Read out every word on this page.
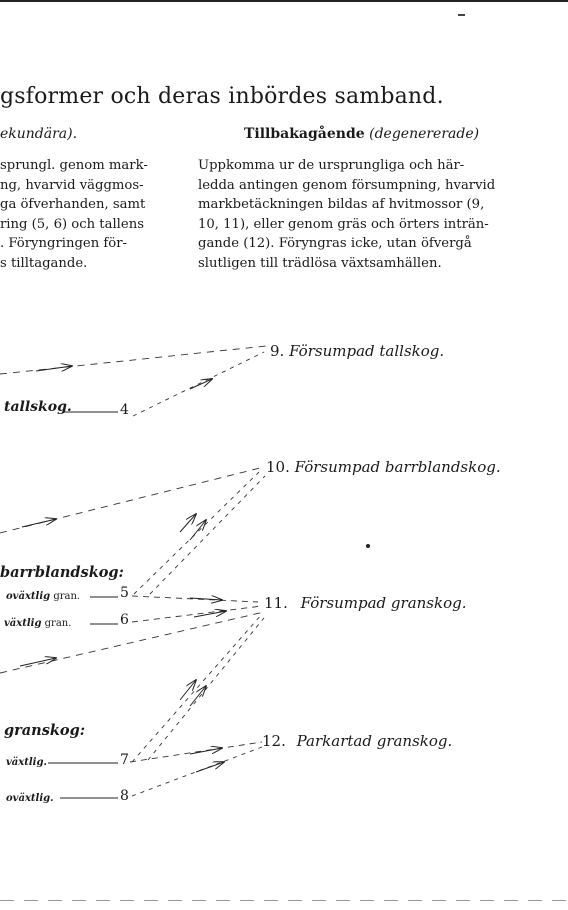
gsformer och deras inbördes samband.
ekundära).	Tillbakagående (degenererade)
sprungl. genom mark-
ng, hvarvid väggmos-
ga öfverhanden, samt
ring (5, 6) och tallens
. Föryngringen för-
s tilltagande.
Uppkomma ur de ursprungliga och här-
ledda antingen genom försumpning, hvarvid
markbetäckningen bildas af hvitmossor (9,
10, 11), eller genom gräs och örters inträn-
gande (12). Föryngras icke, utan öfvergå
slutligen till trädlösa växtsamhällen.
9. Försumpad tallskog.
10. Försumpad barrblandskog.
11. Försumpad granskog.
12. Parkartad granskog.
tallskog.	4
barrblandskog:
oväxtlig gran.	5
växtlig gran.	6
granskog:
växtlig.	7
oväxtlig.	8
